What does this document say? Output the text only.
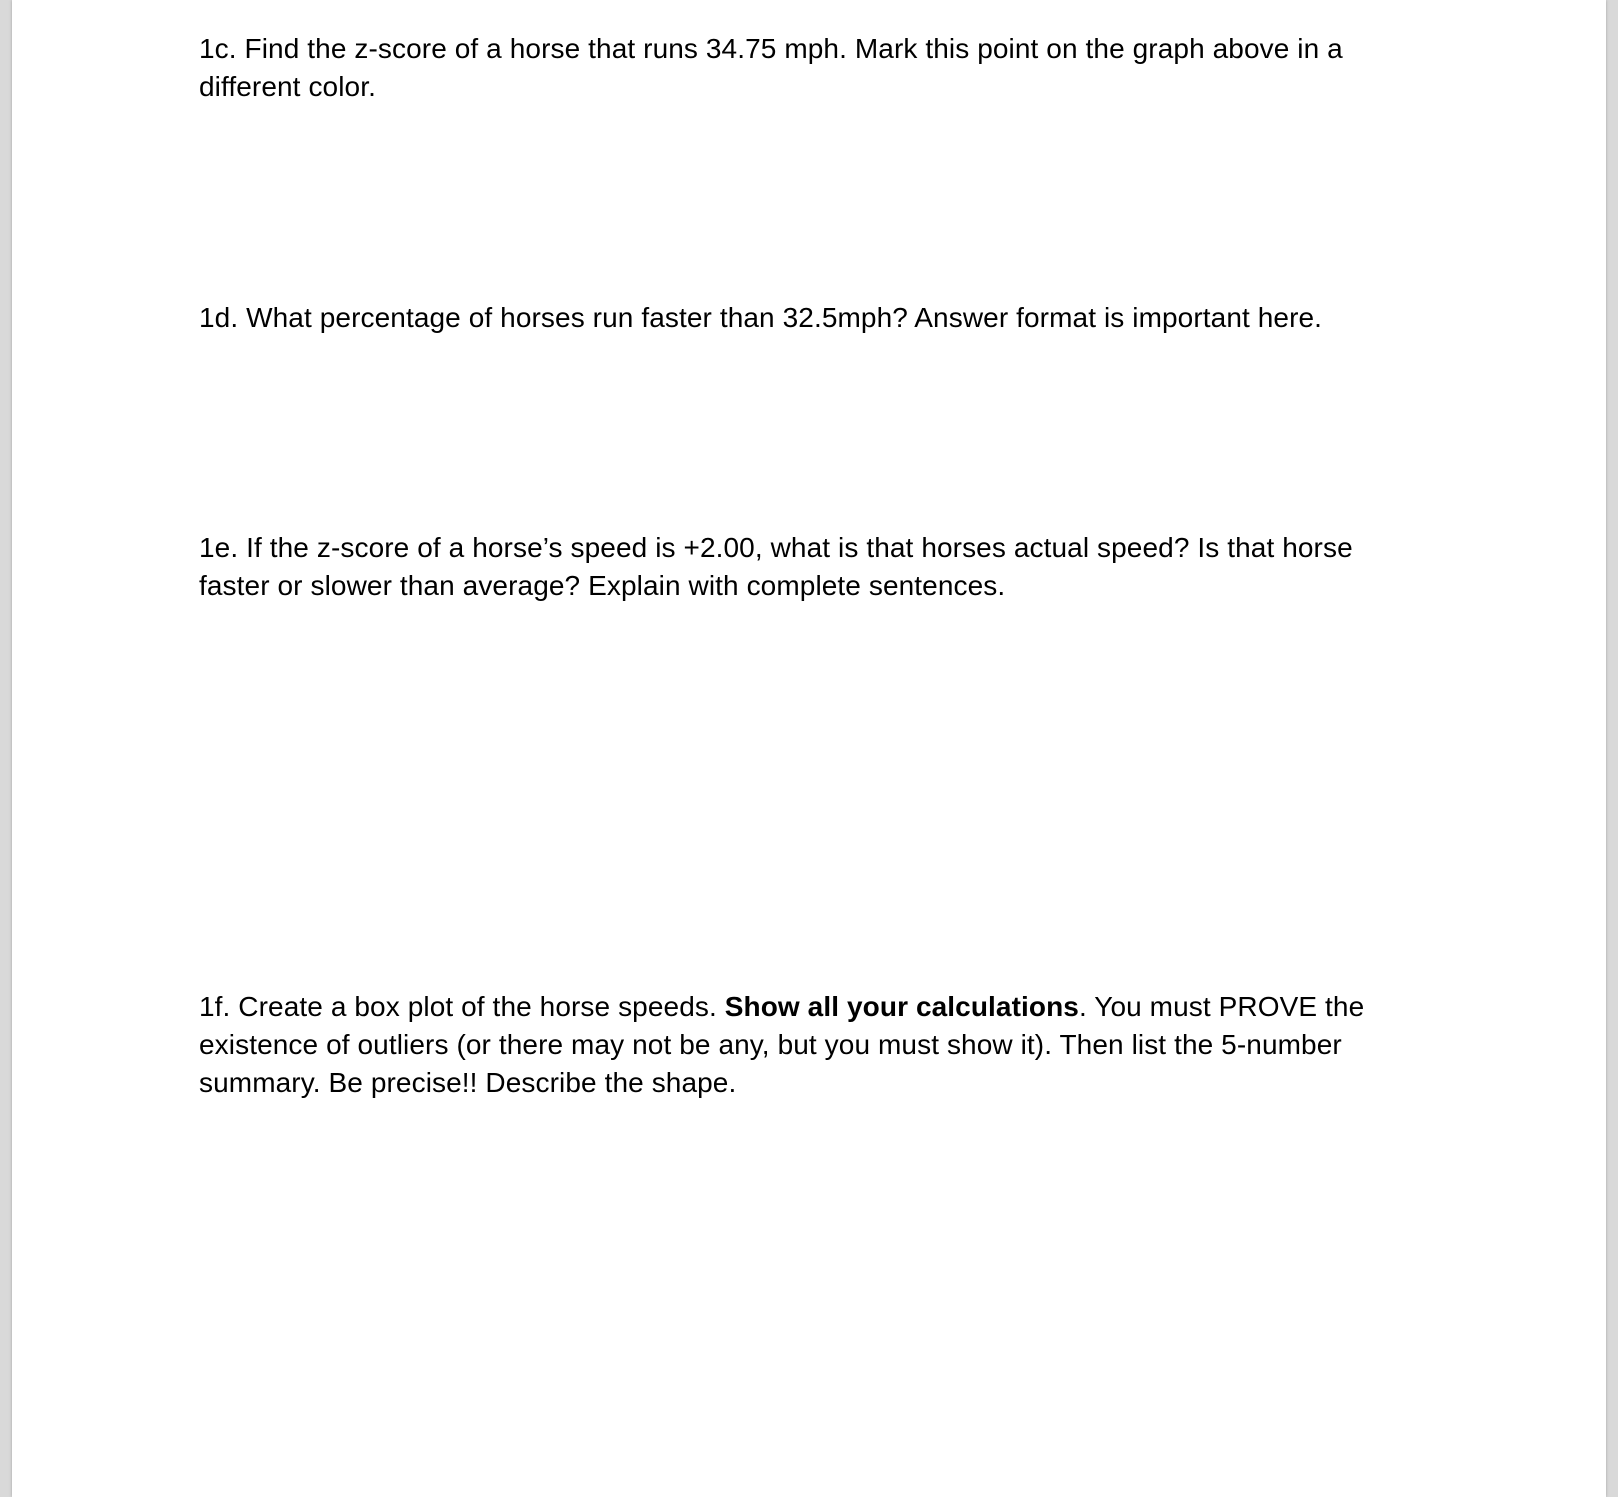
1c. Find the z-score of a horse that runs 34.75 mph. Mark this point on the graph above in a different color.

1d. What percentage of horses run faster than 32.5mph? Answer format is important here.

1e. If the z-score of a horse’s speed is +2.00, what is that horses actual speed? Is that horse faster or slower than average? Explain with complete sentences.

1f. Create a box plot of the horse speeds. Show all your calculations. You must PROVE the existence of outliers (or there may not be any, but you must show it). Then list the 5-number summary. Be precise!! Describe the shape.
